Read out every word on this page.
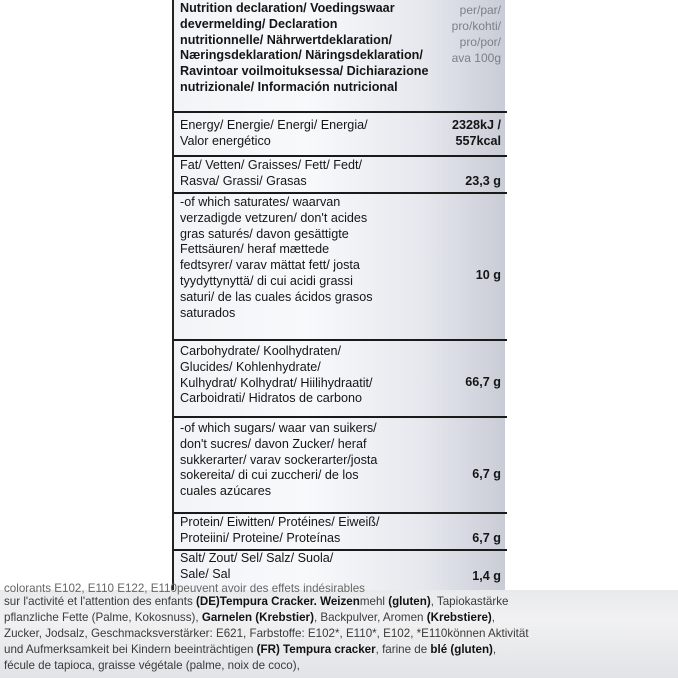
Nutrition declaration/ Voedingswaar
devermelding/ Declaration
nutritionnelle/ Nährwertdeklaration/
Næringsdeklaration/ Näringsdeklaration/
Ravintoar voilmoituksessa/ Dichiarazione
nutrizionale/ Información nutricional
per/par/
pro/kohti/
pro/por/
ava 100g
Energy/ Energie/ Energi/ Energia/
Valor energético
2328kJ /
557kcal
Fat/ Vetten/ Graisses/ Fett/ Fedt/
Rasva/ Grassi/ Grasas	23,3 g
-of which saturates/ waarvan
verzadigde vetzuren/ don't acides
gras saturés/ davon gesättigte
Fettsäuren/ heraf mættede
fedtsyrer/ varav mättat fett/ josta
tyydyttynyttä/ di cui acidi grassi
saturi/ de las cuales ácidos grasos
saturados
10 g
Carbohydrate/ Koolhydraten/
Glucides/ Kohlenhydrate/
Kulhydrat/ Kolhydrat/ Hiilihydraatit/
Carboidrati/ Hidratos de carbono
66,7 g
-of which sugars/ waar van suikers/
don't sucres/ davon Zucker/ heraf
sukkerarter/ varav sockerarter/josta
sokereita/ di cui zuccheri/ de los
cuales azúcares
6,7 g
Protein/ Eiwitten/ Protéines/ Eiweiß/
Proteiini/ Proteine/ Proteínas	6,7 g
Salt/ Zout/ Sel/ Salz/ Suola/
Sale/ Sal	1,4 g
colorants E102, E110 E122, E110peuvent avoir des effets indésirables
sur l'activité et l'attention des enfants (DE)Tempura Cracker. Weizenmehl (gluten), Tapiokastärke
pflanzliche Fette (Palme, Kokosnuss), Garnelen (Krebstier), Backpulver, Aromen (Krebstiere),
Zucker, Jodsalz, Geschmacksverstärker: E621, Farbstoffe: E102*, E110*, E102, *E110können Aktivität
und Aufmerksamkeit bei Kindern beeinträchtigen (FR) Tempura cracker, farine de blé (gluten),
fécule de tapioca, graisse végétale (palme, noix de coco),
